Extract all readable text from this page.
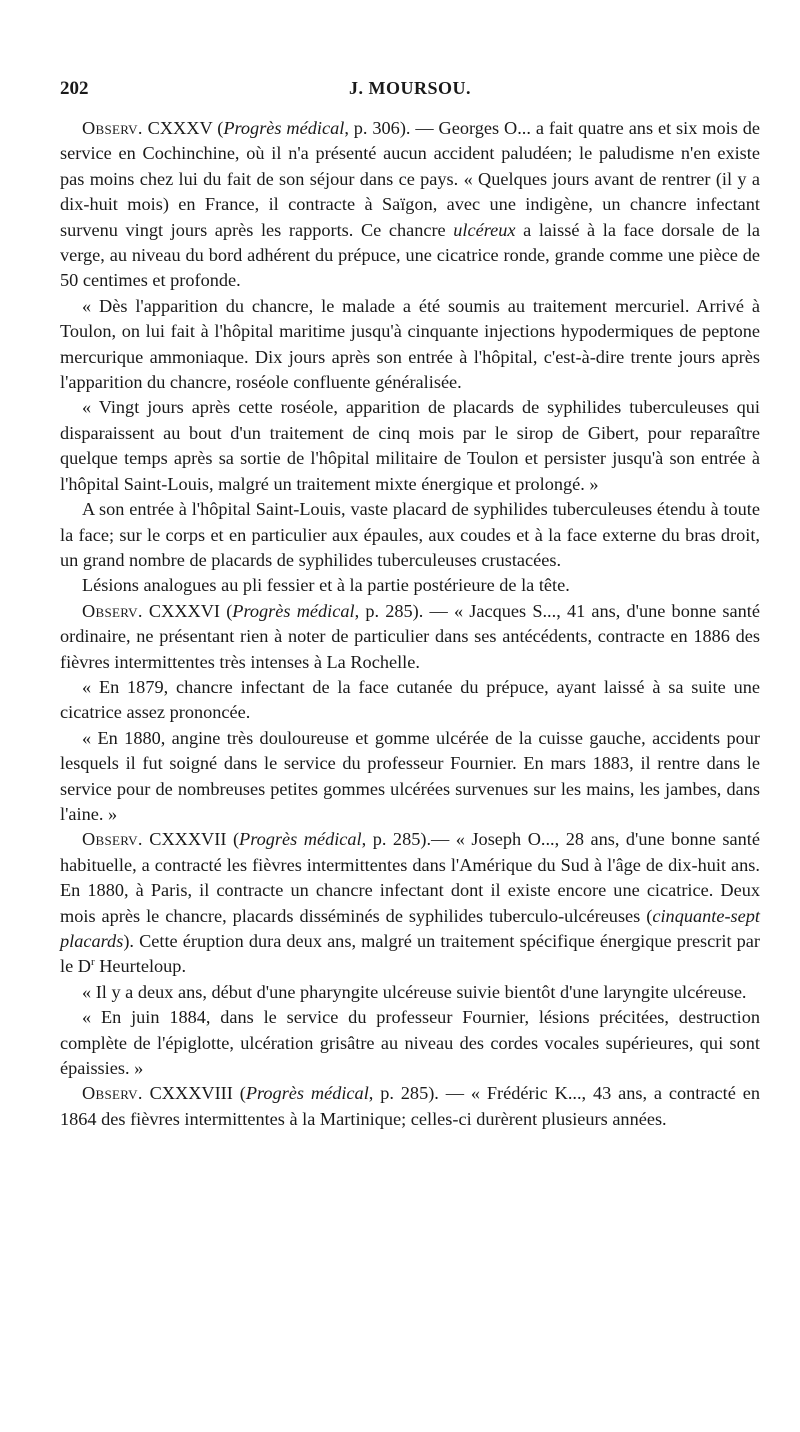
202	J. MOURSOU.

Observ. CXXXV (Progrès médical, p. 306). — Georges O... a fait quatre ans et six mois de service en Cochinchine, où il n'a présenté aucun accident paludéen; le paludisme n'en existe pas moins chez lui du fait de son séjour dans ce pays. « Quelques jours avant de rentrer (il y a dix-huit mois) en France, il contracte à Saïgon, avec une indigène, un chancre infectant survenu vingt jours après les rapports. Ce chancre ulcéreux a laissé à la face dorsale de la verge, au niveau du bord adhérent du prépuce, une cicatrice ronde, grande comme une pièce de 50 centimes et profonde.

« Dès l'apparition du chancre, le malade a été soumis au traitement mercuriel. Arrivé à Toulon, on lui fait à l'hôpital maritime jusqu'à cinquante injections hypodermiques de peptone mercurique ammoniaque. Dix jours après son entrée à l'hôpital, c'est-à-dire trente jours après l'apparition du chancre, roséole confluente généralisée.

« Vingt jours après cette roséole, apparition de placards de syphilides tuberculeuses qui disparaissent au bout d'un traitement de cinq mois par le sirop de Gibert, pour reparaître quelque temps après sa sortie de l'hôpital militaire de Toulon et persister jusqu'à son entrée à l'hôpital Saint-Louis, malgré un traitement mixte énergique et prolongé. »

A son entrée à l'hôpital Saint-Louis, vaste placard de syphilides tuberculeuses étendu à toute la face; sur le corps et en particulier aux épaules, aux coudes et à la face externe du bras droit, un grand nombre de placards de syphilides tuberculeuses crustacées.

Lésions analogues au pli fessier et à la partie postérieure de la tête.

Observ. CXXXVI (Progrès médical, p. 285). — « Jacques S..., 41 ans, d'une bonne santé ordinaire, ne présentant rien à noter de particulier dans ses antécédents, contracte en 1886 des fièvres intermittentes très intenses à La Rochelle.

« En 1879, chancre infectant de la face cutanée du prépuce, ayant laissé à sa suite une cicatrice assez prononcée.

« En 1880, angine très douloureuse et gomme ulcérée de la cuisse gauche, accidents pour lesquels il fut soigné dans le service du professeur Fournier. En mars 1883, il rentre dans le service pour de nombreuses petites gommes ulcérées survenues sur les mains, les jambes, dans l'aine. »

Observ. CXXXVII (Progrès médical, p. 285).— « Joseph O..., 28 ans, d'une bonne santé habituelle, a contracté les fièvres intermittentes dans l'Amérique du Sud à l'âge de dix-huit ans. En 1880, à Paris, il contracte un chancre infectant dont il existe encore une cicatrice. Deux mois après le chancre, placards disséminés de syphilides tuberculo-ulcéreuses (cinquante-sept placards). Cette éruption dura deux ans, malgré un traitement spécifique énergique prescrit par le $D^r$ Heurteloup.

« Il y a deux ans, début d'une pharyngite ulcéreuse suivie bientôt d'une laryngite ulcéreuse.

« En juin 1884, dans le service du professeur Fournier, lésions précitées, destruction complète de l'épiglotte, ulcération grisâtre au niveau des cordes vocales supérieures, qui sont épaissies. »

Observ. CXXXVIII (Progrès médical, p. 285). — « Frédéric K..., 43 ans, a contracté en 1864 des fièvres intermittentes à la Martinique; celles-ci durèrent plusieurs années.
